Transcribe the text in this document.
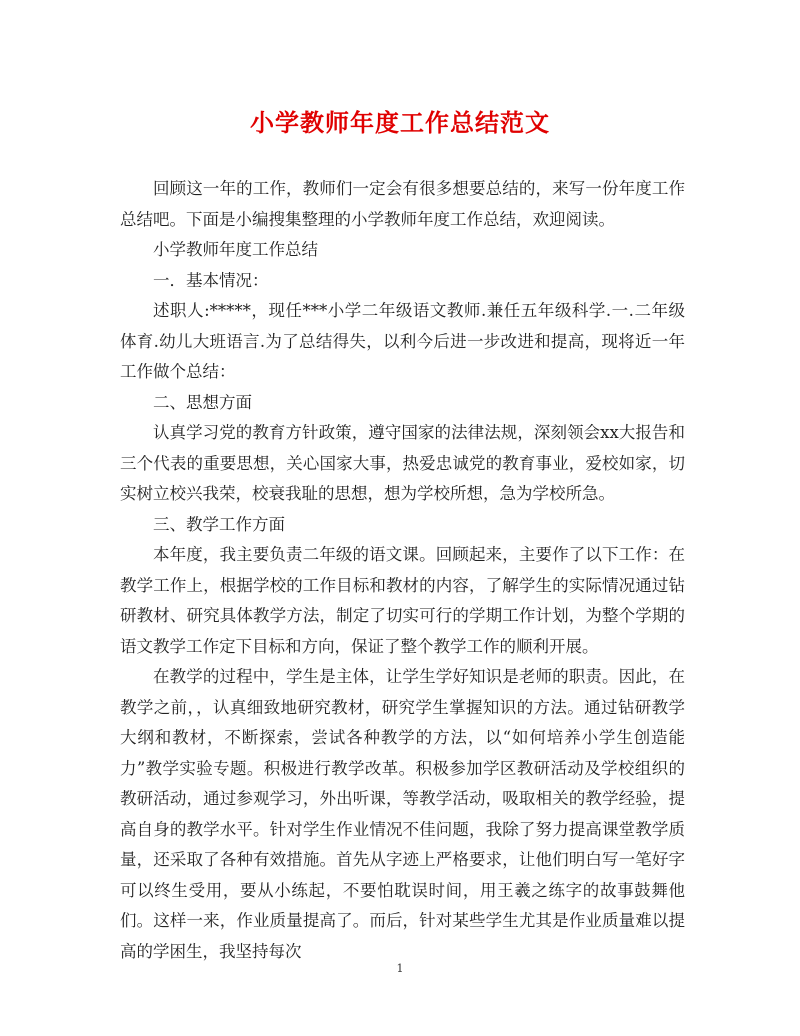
小学教师年度工作总结范文

回顾这一年的工作，教师们一定会有很多想要总结的，来写一份年度工作总结吧。下面是小编搜集整理的小学教师年度工作总结，欢迎阅读。

小学教师年度工作总结

一．基本情况：

述职人:*****，现任***小学二年级语文教师.兼任五年级科学.一.二年级体育.幼儿大班语言.为了总结得失，以利今后进一步改进和提高，现将近一年工作做个总结：

二、思想方面

认真学习党的教育方针政策，遵守国家的法律法规，深刻领会xx大报告和三个代表的重要思想，关心国家大事，热爱忠诚党的教育事业，爱校如家，切实树立校兴我荣，校衰我耻的思想，想为学校所想，急为学校所急。

三、教学工作方面

本年度，我主要负责二年级的语文课。回顾起来，主要作了以下工作：在教学工作上，根据学校的工作目标和教材的内容，了解学生的实际情况通过钻研教材、研究具体教学方法，制定了切实可行的学期工作计划，为整个学期的语文教学工作定下目标和方向，保证了整个教学工作的顺利开展。

在教学的过程中，学生是主体，让学生学好知识是老师的职责。因此，在教学之前，，认真细致地研究教材，研究学生掌握知识的方法。通过钻研教学大纲和教材，不断探索，尝试各种教学的方法，以“如何培养小学生创造能力”教学实验专题。积极进行教学改革。积极参加学区教研活动及学校组织的教研活动，通过参观学习，外出听课，等教学活动，吸取相关的教学经验，提高自身的教学水平。针对学生作业情况不佳问题，我除了努力提高课堂教学质量，还采取了各种有效措施。首先从字迹上严格要求，让他们明白写一笔好字可以终生受用，要从小练起，不要怕耽误时间，用王羲之练字的故事鼓舞他们。这样一来，作业质量提高了。而后，针对某些学生尤其是作业质量难以提高的学困生，我坚持每次

1
